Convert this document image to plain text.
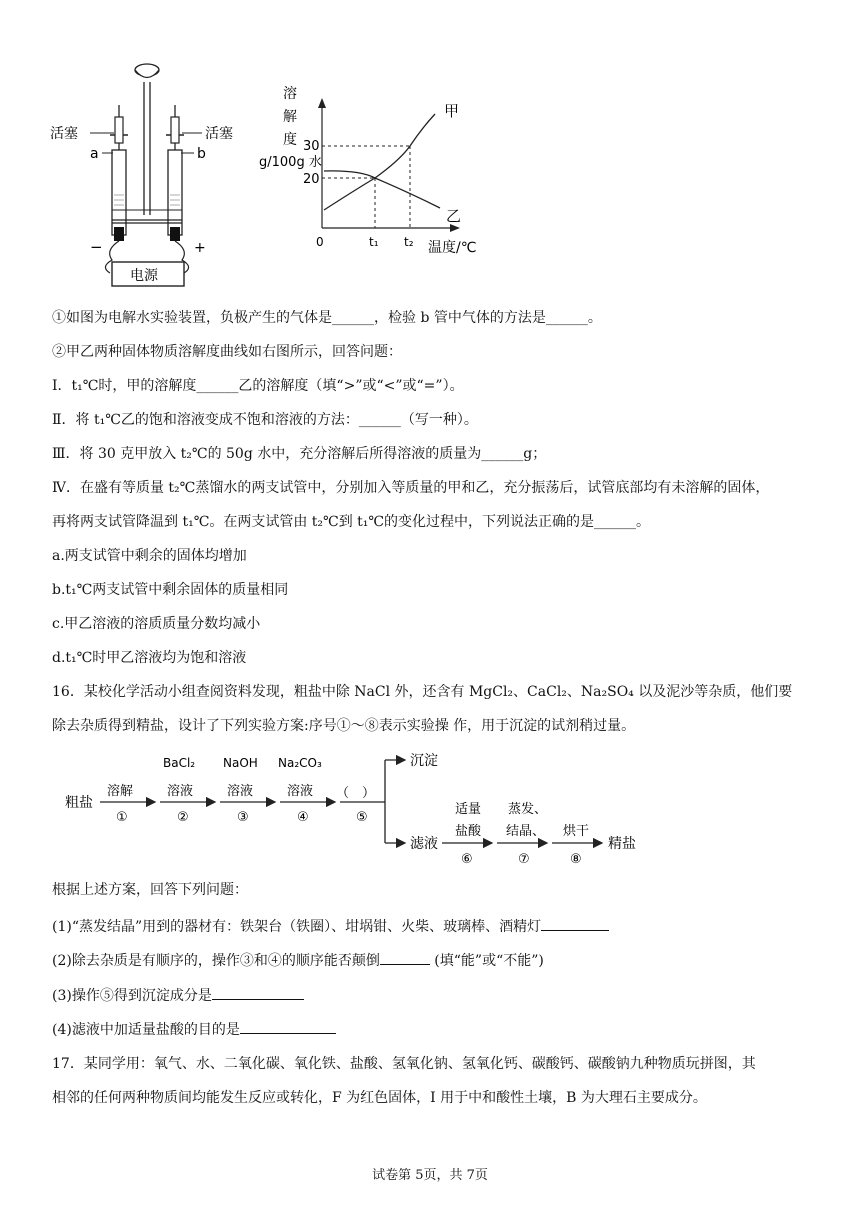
活塞	活塞
a	b
−	+
电源
溶
解
度
g/100g 水
30
20
0	t₁ t₂ 温度/℃
甲
乙
①如图为电解水实验装置，负极产生的气体是______，检验 b 管中气体的方法是______。
②甲乙两种固体物质溶解度曲线如右图所示，回答问题：
Ⅰ．t₁℃时，甲的溶解度______乙的溶解度（填“>”或“<”或“=”）。
Ⅱ．将 t₁℃乙的饱和溶液变成不饱和溶液的方法：______（写一种）。
Ⅲ．将 30 克甲放入 t₂℃的 50g 水中，充分溶解后所得溶液的质量为______g；
Ⅳ．在盛有等质量 t₂℃蒸馏水的两支试管中，分别加入等质量的甲和乙，充分振荡后，试管底部均有未溶解的固体，
再将两支试管降温到 t₁℃。在两支试管由 t₂℃到 t₁℃的变化过程中，下列说法正确的是______。
a.两支试管中剩余的固体均增加
b.t₁℃两支试管中剩余固体的质量相同
c.甲乙溶液的溶质质量分数均减小
d.t₁℃时甲乙溶液均为饱和溶液
16．某校化学活动小组查阅资料发现，粗盐中除 NaCl 外，还含有 MgCl₂、CaCl₂、Na₂SO₄ 以及泥沙等杂质，他们要
除去杂质得到精盐，设计了下列实验方案:序号①～⑧表示实验操 作，用于沉淀的试剂稍过量。
粗盐
溶解
①
BaCl₂
溶液
②
NaOH
溶液
③
Na₂CO₃
溶液
④
（　）
⑤
沉淀
滤液
适量
盐酸
⑥
蒸发、
结晶、
⑦
烘干
⑧
精盐
根据上述方案，回答下列问题：
(1)“蒸发结晶”用到的器材有：铁架台（铁圈）、坩埚钳、火柴、玻璃棒、酒精灯
(2)除去杂质是有顺序的，操作③和④的顺序能否颠倒	(填“能”或“不能”)
(3)操作⑤得到沉淀成分是
(4)滤液中加适量盐酸的目的是
17．某同学用：氧气、水、二氧化碳、氧化铁、盐酸、氢氧化钠、氢氧化钙、碳酸钙、碳酸钠九种物质玩拼图，其
相邻的任何两种物质间均能发生反应或转化，F 为红色固体，I 用于中和酸性土壤，B 为大理石主要成分。
试卷第 5页，共 7页
